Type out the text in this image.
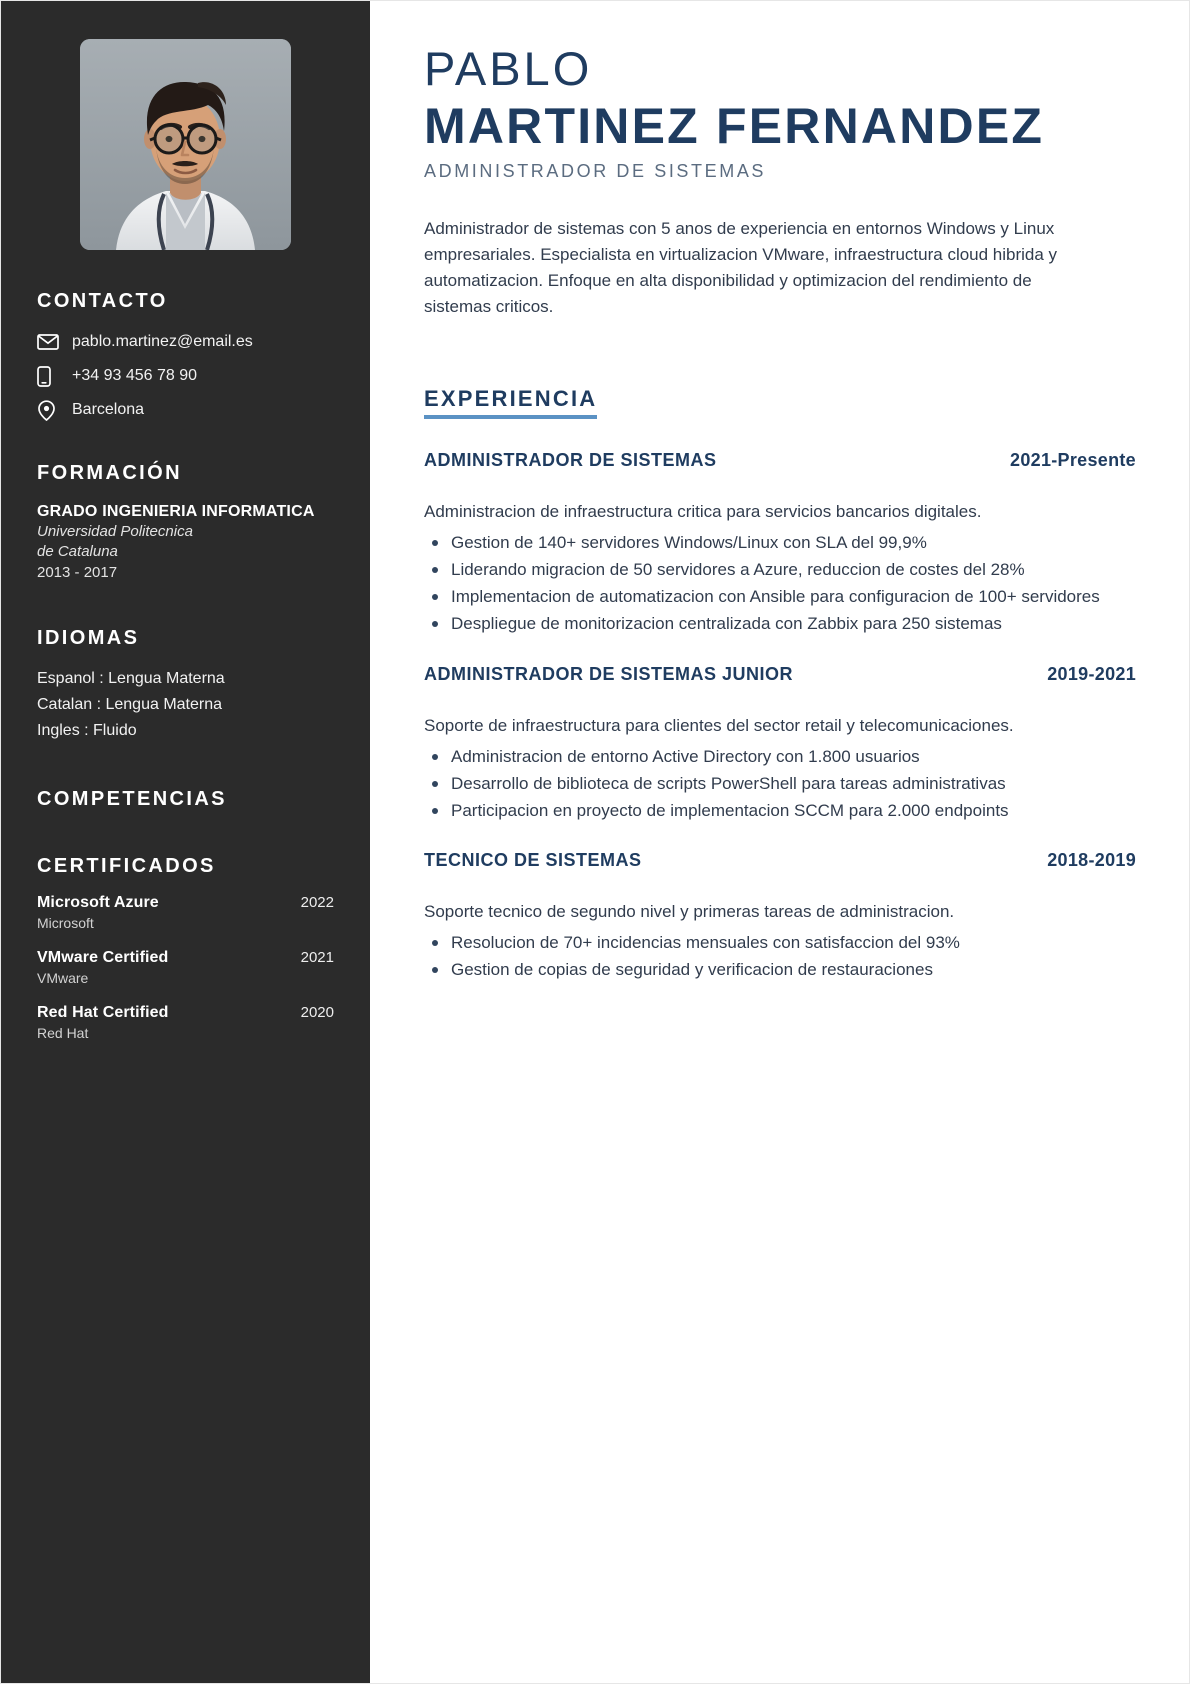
CONTACTO
pablo.martinez@email.es
+34 93 456 78 90
Barcelona
FORMACIÓN
GRADO INGENIERIA INFORMATICA
Universidad Politecnica
de Cataluna
2013 - 2017
IDIOMAS
Espanol : Lengua Materna
Catalan : Lengua Materna
Ingles : Fluido
COMPETENCIAS
CERTIFICADOS
Microsoft Azure	2022
Microsoft
VMware Certified	2021
VMware
Red Hat Certified	2020
Red Hat
PABLO
MARTINEZ FERNANDEZ
ADMINISTRADOR DE SISTEMAS

Administrador de sistemas con 5 anos de experiencia en entornos Windows y Linux empresariales. Especialista en virtualizacion VMware, infraestructura cloud hibrida y automatizacion. Enfoque en alta disponibilidad y optimizacion del rendimiento de sistemas criticos.

EXPERIENCIA
ADMINISTRADOR DE SISTEMAS	2021-Presente
Administracion de infraestructura critica para servicios bancarios digitales.
Gestion de 140+ servidores Windows/Linux con SLA del 99,9%
Liderando migracion de 50 servidores a Azure, reduccion de costes del 28%
Implementacion de automatizacion con Ansible para configuracion de 100+ servidores
Despliegue de monitorizacion centralizada con Zabbix para 250 sistemas
ADMINISTRADOR DE SISTEMAS JUNIOR	2019-2021
Soporte de infraestructura para clientes del sector retail y telecomunicaciones.
Administracion de entorno Active Directory con 1.800 usuarios
Desarrollo de biblioteca de scripts PowerShell para tareas administrativas
Participacion en proyecto de implementacion SCCM para 2.000 endpoints
TECNICO DE SISTEMAS	2018-2019
Soporte tecnico de segundo nivel y primeras tareas de administracion.
Resolucion de 70+ incidencias mensuales con satisfaccion del 93%
Gestion de copias de seguridad y verificacion de restauraciones
